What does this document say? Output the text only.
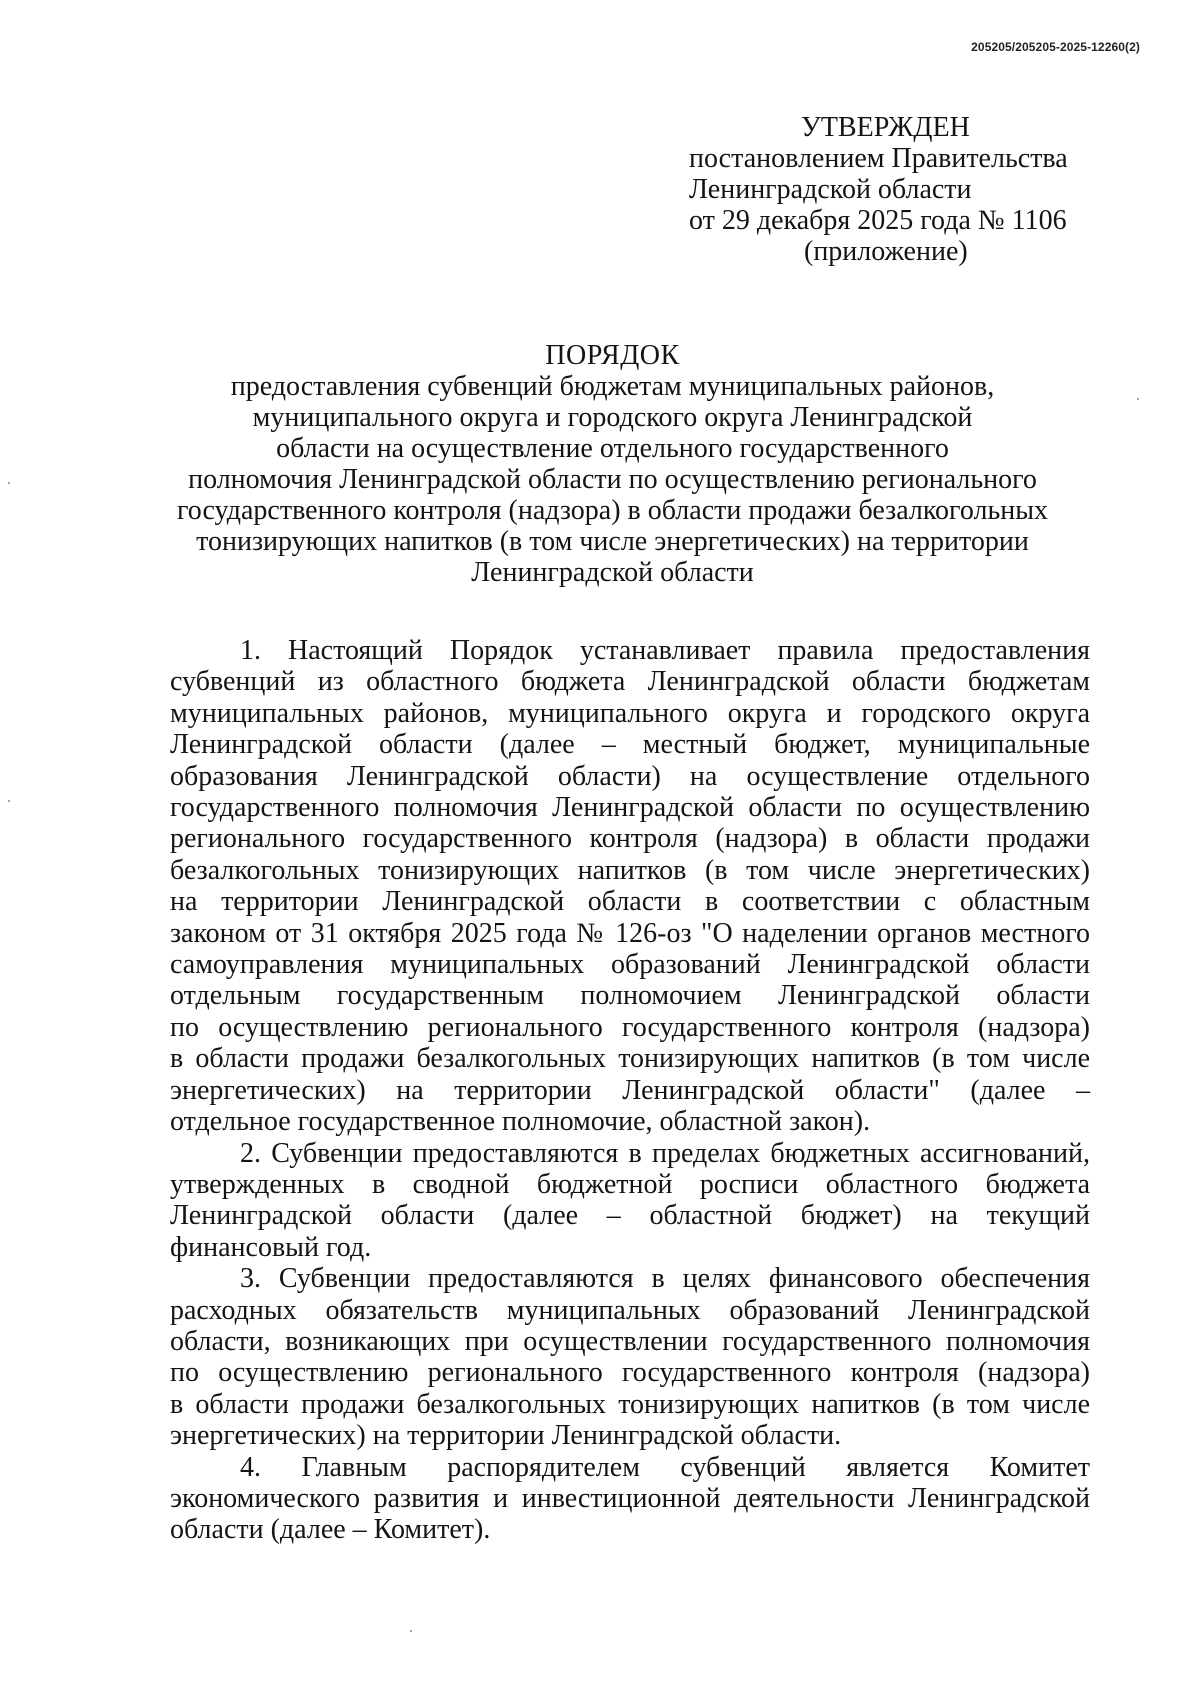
205205/205205-2025-12260(2)
УТВЕРЖДЕН
постановлением Правительства
Ленинградской области
от 29 декабря 2025 года № 1106
(приложение)
ПОРЯДОК
предоставления субвенций бюджетам муниципальных районов,
муниципального округа и городского округа Ленинградской
области на осуществление отдельного государственного
полномочия Ленинградской области по осуществлению регионального
государственного контроля (надзора) в области продажи безалкогольных
тонизирующих напитков (в том числе энергетических) на территории
Ленинградской области
1. Настоящий Порядок устанавливает правила предоставления
субвенций из областного бюджета Ленинградской области бюджетам
муниципальных районов, муниципального округа и городского округа
Ленинградской области (далее – местный бюджет, муниципальные
образования Ленинградской области) на осуществление отдельного
государственного полномочия Ленинградской области по осуществлению
регионального государственного контроля (надзора) в области продажи
безалкогольных тонизирующих напитков (в том числе энергетических)
на территории Ленинградской области в соответствии с областным
законом от 31 октября 2025 года № 126-оз "О наделении органов местного
самоуправления муниципальных образований Ленинградской области
отдельным государственным полномочием Ленинградской области
по осуществлению регионального государственного контроля (надзора)
в области продажи безалкогольных тонизирующих напитков (в том числе
энергетических) на территории Ленинградской области" (далее –
отдельное государственное полномочие, областной закон).
2. Субвенции предоставляются в пределах бюджетных ассигнований,
утвержденных в сводной бюджетной росписи областного бюджета
Ленинградской области (далее – областной бюджет) на текущий
финансовый год.
3. Субвенции предоставляются в целях финансового обеспечения
расходных обязательств муниципальных образований Ленинградской
области, возникающих при осуществлении государственного полномочия
по осуществлению регионального государственного контроля (надзора)
в области продажи безалкогольных тонизирующих напитков (в том числе
энергетических) на территории Ленинградской области.
4. Главным распорядителем субвенций является Комитет
экономического развития и инвестиционной деятельности Ленинградской
области (далее – Комитет).
